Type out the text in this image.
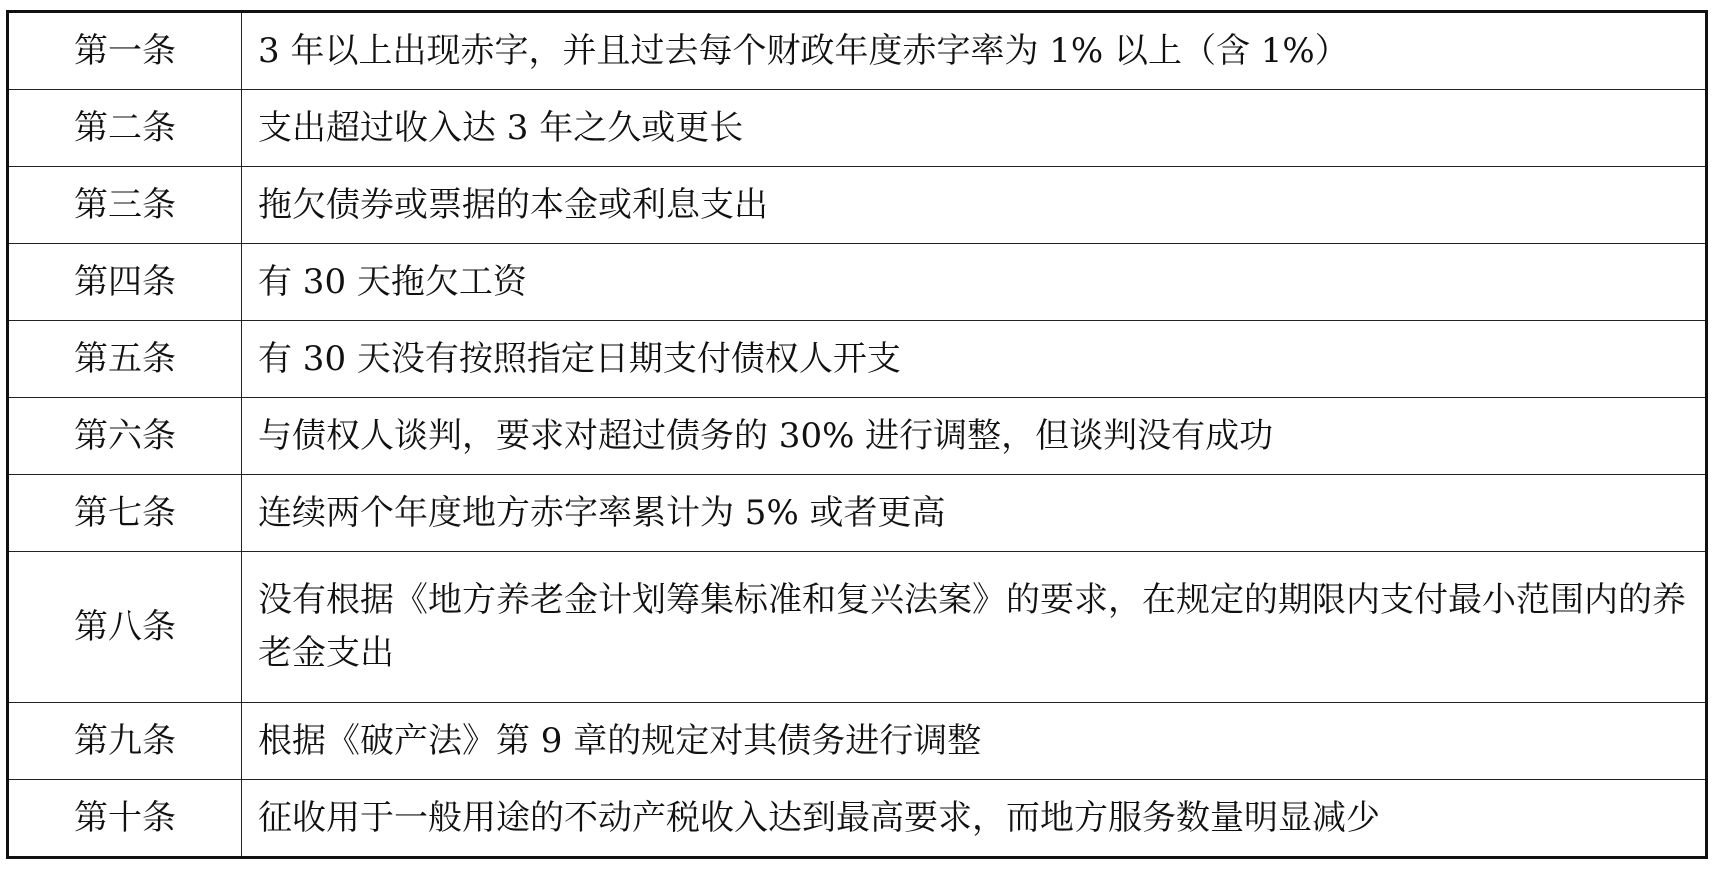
第一条	3 年以上出现赤字，并且过去每个财政年度赤字率为 1% 以上（含 1%）
第二条	支出超过收入达 3 年之久或更长
第三条	拖欠债券或票据的本金或利息支出
第四条	有 30 天拖欠工资
第五条	有 30 天没有按照指定日期支付债权人开支
第六条	与债权人谈判，要求对超过债务的 30% 进行调整，但谈判没有成功
第七条	连续两个年度地方赤字率累计为 5% 或者更高
第八条	没有根据《地方养老金计划筹集标准和复兴法案》的要求，在规定的期限内支付最小范围内的养老金支出
第九条	根据《破产法》第 9 章的规定对其债务进行调整
第十条	征收用于一般用途的不动产税收入达到最高要求，而地方服务数量明显减少
